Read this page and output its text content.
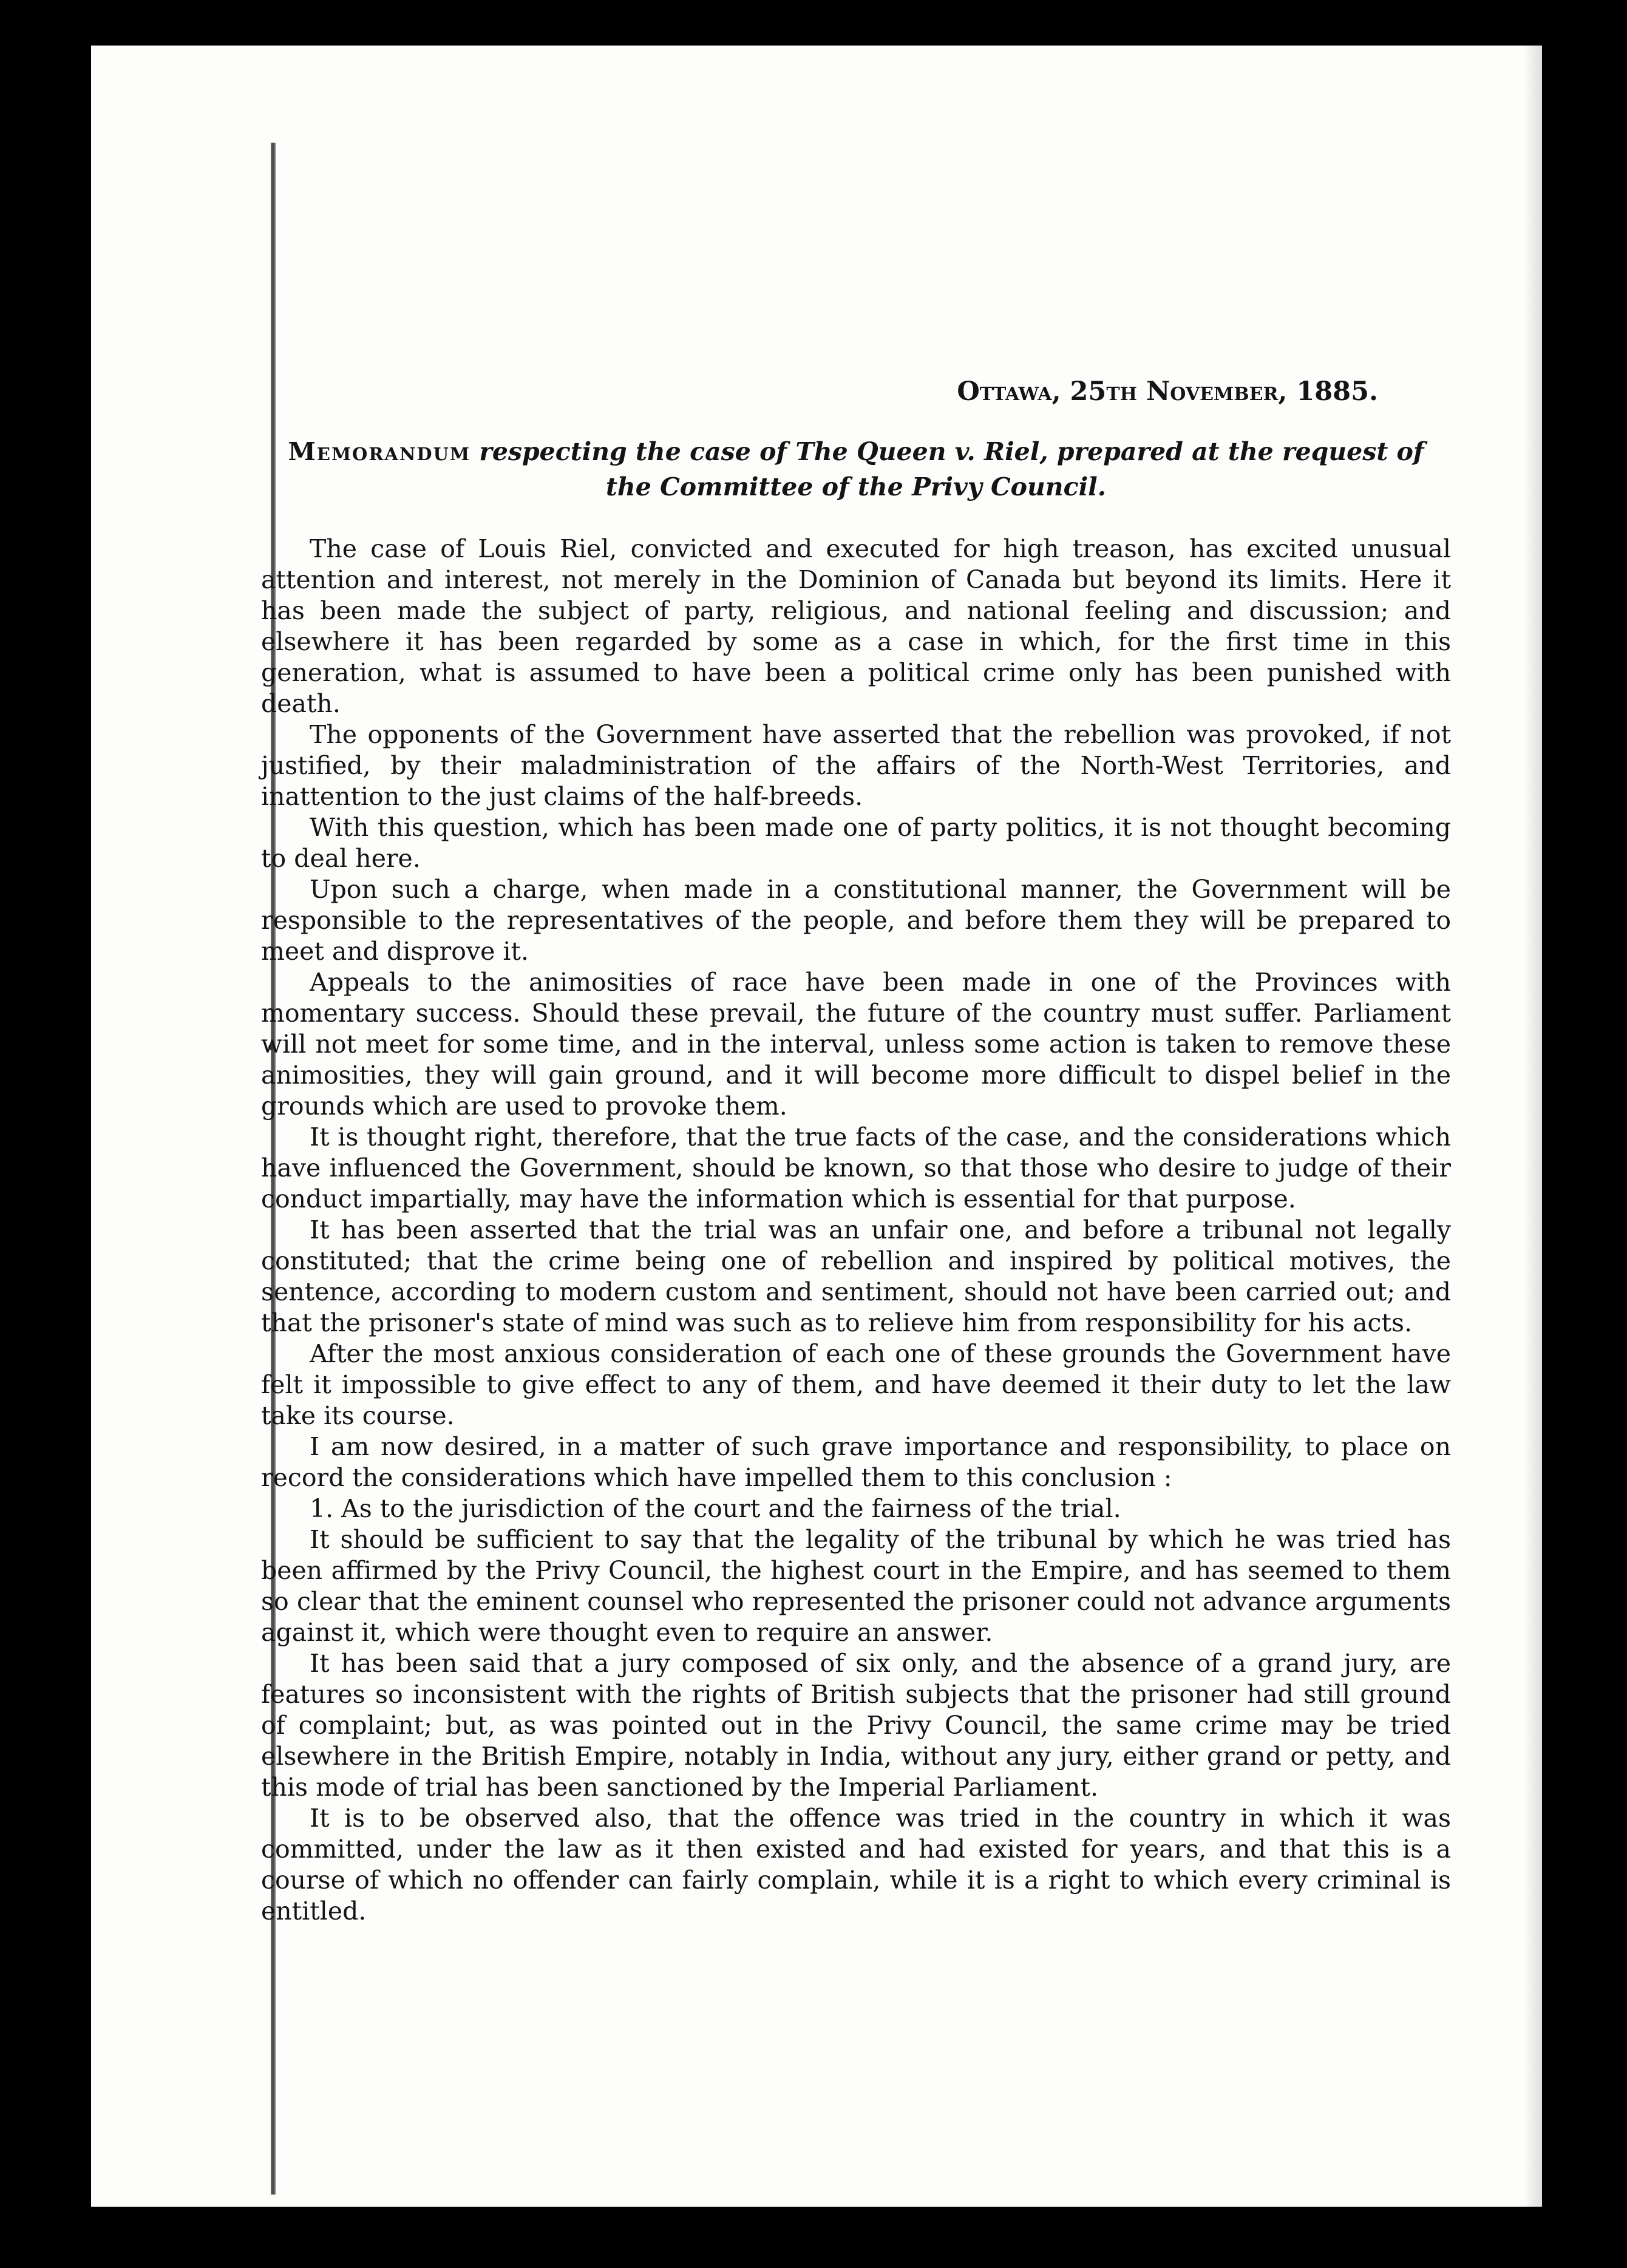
Ottawa, 25th November, 1885.
Memorandum respecting the case of The Queen v. Riel, prepared at the request of the Committee of the Privy Council.

The case of Louis Riel, convicted and executed for high treason, has excited unusual attention and interest, not merely in the Dominion of Canada but beyond its limits. Here it has been made the subject of party, religious, and national feeling and discussion; and elsewhere it has been regarded by some as a case in which, for the first time in this generation, what is assumed to have been a political crime only has been punished with death.

The opponents of the Government have asserted that the rebellion was provoked, if not justified, by their maladministration of the affairs of the North-West Territories, and inattention to the just claims of the half-breeds.

With this question, which has been made one of party politics, it is not thought becoming to deal here.

Upon such a charge, when made in a constitutional manner, the Government will be responsible to the representatives of the people, and before them they will be prepared to meet and disprove it.

Appeals to the animosities of race have been made in one of the Provinces with momentary success. Should these prevail, the future of the country must suffer. Parliament will not meet for some time, and in the interval, unless some action is taken to remove these animosities, they will gain ground, and it will become more difficult to dispel belief in the grounds which are used to provoke them.

It is thought right, therefore, that the true facts of the case, and the considerations which have influenced the Government, should be known, so that those who desire to judge of their conduct impartially, may have the information which is essential for that purpose.

It has been asserted that the trial was an unfair one, and before a tribunal not legally constituted; that the crime being one of rebellion and inspired by political motives, the sentence, according to modern custom and sentiment, should not have been carried out; and that the prisoner's state of mind was such as to relieve him from responsibility for his acts.

After the most anxious consideration of each one of these grounds the Government have felt it impossible to give effect to any of them, and have deemed it their duty to let the law take its course.

I am now desired, in a matter of such grave importance and responsibility, to place on record the considerations which have impelled them to this conclusion :

1. As to the jurisdiction of the court and the fairness of the trial.

It should be sufficient to say that the legality of the tribunal by which he was tried has been affirmed by the Privy Council, the highest court in the Empire, and has seemed to them so clear that the eminent counsel who represented the prisoner could not advance arguments against it, which were thought even to require an answer.

It has been said that a jury composed of six only, and the absence of a grand jury, are features so inconsistent with the rights of British subjects that the prisoner had still ground of complaint; but, as was pointed out in the Privy Council, the same crime may be tried elsewhere in the British Empire, notably in India, without any jury, either grand or petty, and this mode of trial has been sanctioned by the Imperial Parliament.

It is to be observed also, that the offence was tried in the country in which it was committed, under the law as it then existed and had existed for years, and that this is a course of which no offender can fairly complain, while it is a right to which every criminal is entitled.
